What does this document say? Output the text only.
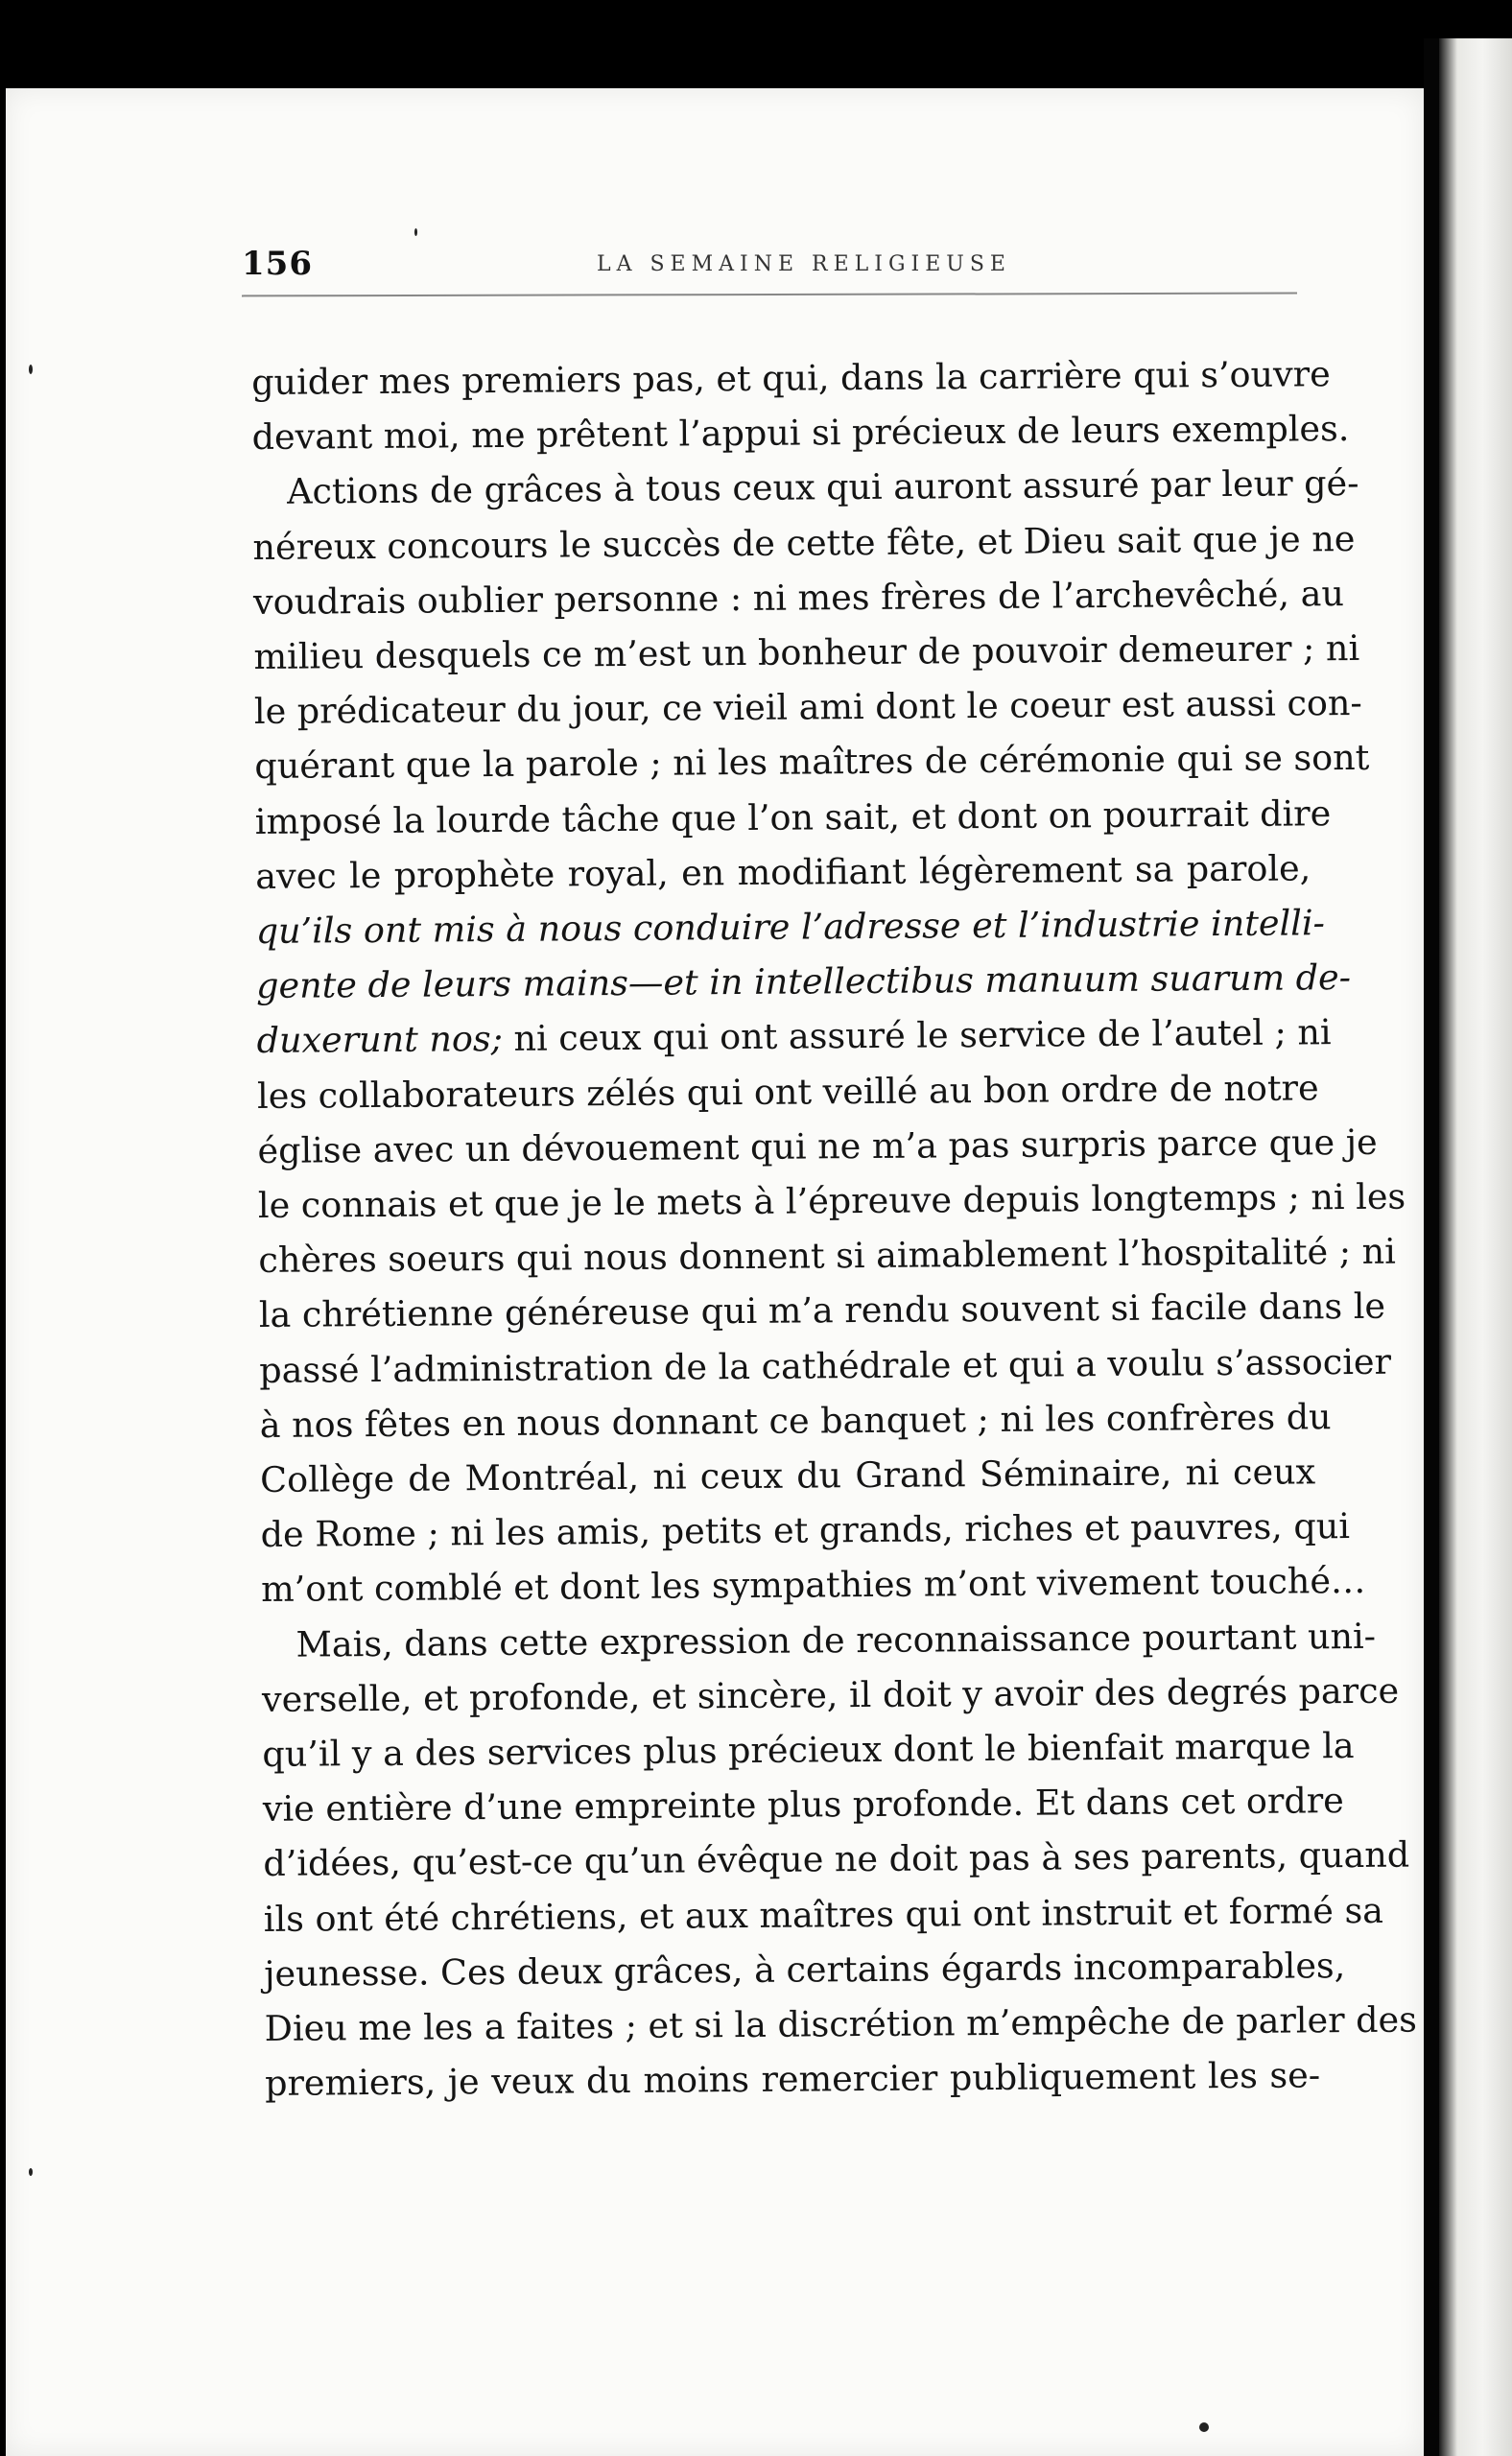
156	LA SEMAINE RELIGIEUSE
guider mes premiers pas, et qui, dans la carrière qui s’ouvre
devant moi, me prêtent l’appui si précieux de leurs exemples.
Actions de grâces à tous ceux qui auront assuré par leur gé-
néreux concours le succès de cette fête, et Dieu sait que je ne
voudrais oublier personne : ni mes frères de l’archevêché, au
milieu desquels ce m’est un bonheur de pouvoir demeurer ; ni
le prédicateur du jour, ce vieil ami dont le coeur est aussi con-
quérant que la parole ; ni les maîtres de cérémonie qui se sont
imposé la lourde tâche que l’on sait, et dont on pourrait dire
avec le prophète royal, en modifiant légèrement sa parole,
qu’ils ont mis à nous conduire l’adresse et l’industrie intelli-
gente de leurs mains—et in intellectibus manuum suarum de-
duxerunt nos; ni ceux qui ont assuré le service de l’autel ; ni
les collaborateurs zélés qui ont veillé au bon ordre de notre
église avec un dévouement qui ne m’a pas surpris parce que je
le connais et que je le mets à l’épreuve depuis longtemps ; ni les
chères soeurs qui nous donnent si aimablement l’hospitalité ; ni
la chrétienne généreuse qui m’a rendu souvent si facile dans le
passé l’administration de la cathédrale et qui a voulu s’associer
à nos fêtes en nous donnant ce banquet ; ni les confrères du
Collège de Montréal, ni ceux du Grand Séminaire, ni ceux
de Rome ; ni les amis, petits et grands, riches et pauvres, qui
m’ont comblé et dont les sympathies m’ont vivement touché…
Mais, dans cette expression de reconnaissance pourtant uni-
verselle, et profonde, et sincère, il doit y avoir des degrés parce
qu’il y a des services plus précieux dont le bienfait marque la
vie entière d’une empreinte plus profonde. Et dans cet ordre
d’idées, qu’est-ce qu’un évêque ne doit pas à ses parents, quand
ils ont été chrétiens, et aux maîtres qui ont instruit et formé sa
jeunesse. Ces deux grâces, à certains égards incomparables,
Dieu me les a faites ; et si la discrétion m’empêche de parler des
premiers, je veux du moins remercier publiquement les se-
